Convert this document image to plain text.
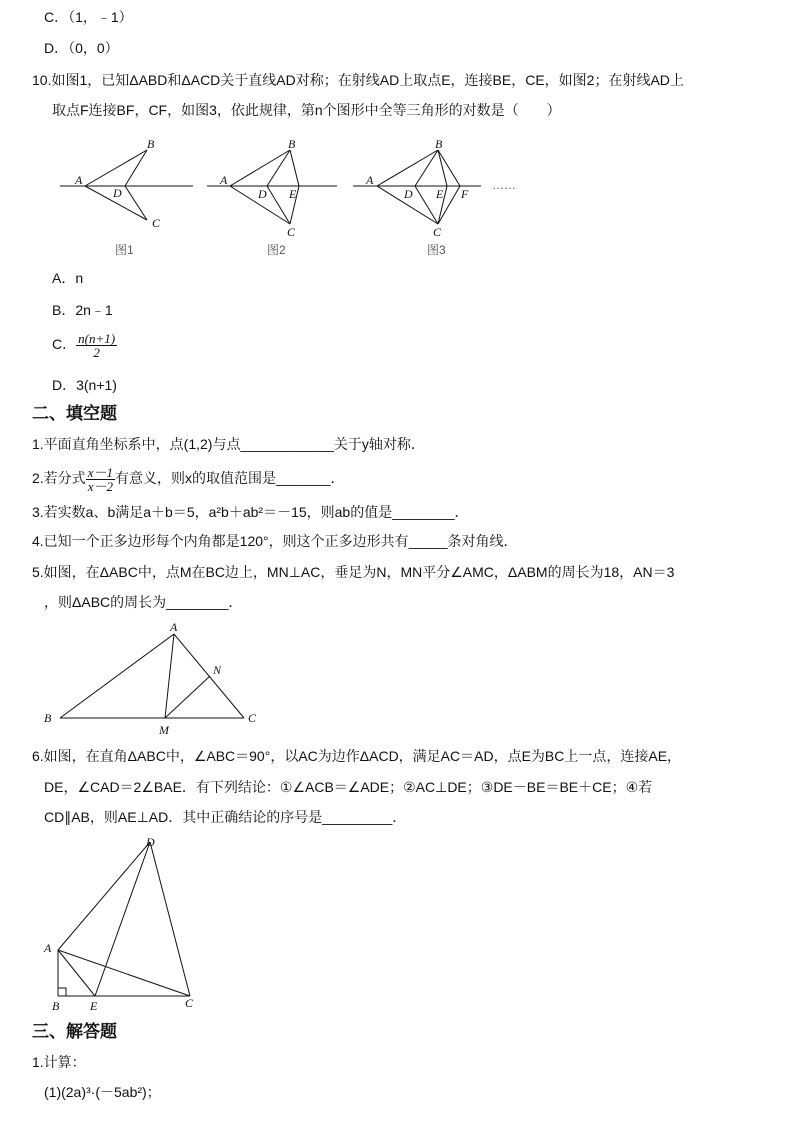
C．（1，﹣1）
D．（0，0）
10.如图1，已知ΔABD和ΔACD关于直线AD对称；在射线AD上取点E，连接BE，CE，如图2；在射线AD上
取点F连接BF，CF，如图3，依此规律，第n个图形中全等三角形的对数是（　　）
A
B
C
D
图1
A
B
C
D E
图2
A
B
C
D E F
图3
……
A．n
B．2n﹣1
C． $\frac{n(n+1)}{2}$
D．3(n+1)
二、填空题
1.平面直角坐标系中，点(1,2)与点____________关于y轴对称．
2.若分式 $\frac{x-1}{x-2}$ 有意义，则x的取值范围是_______．
3.若实数a、b满足a＋b＝5，a²b＋ab²＝－15，则ab的值是________．
4.已知一个正多边形每个内角都是120°，则这个正多边形共有_____条对角线．
5.如图，在ΔABC中，点M在BC边上，MN⊥AC，垂足为N，MN平分∠AMC，ΔABM的周长为18，AN＝3
，则ΔABC的周长为________．
A
B	C
M
N
6.如图，在直角ΔABC中，∠ABC＝90°，以AC为边作ΔACD，满足AC＝AD，点E为BC上一点，连接AE，
DE，∠CAD＝2∠BAE．有下列结论：①∠ACB＝∠ADE；②AC⊥DE；③DE－BE＝BE＋CE；④若
CD∥AB，则AE⊥AD．其中正确结论的序号是_________．
D
A
B	E	C
三、解答题
1.计算：
(1)(2a)³·(－5ab²)；
